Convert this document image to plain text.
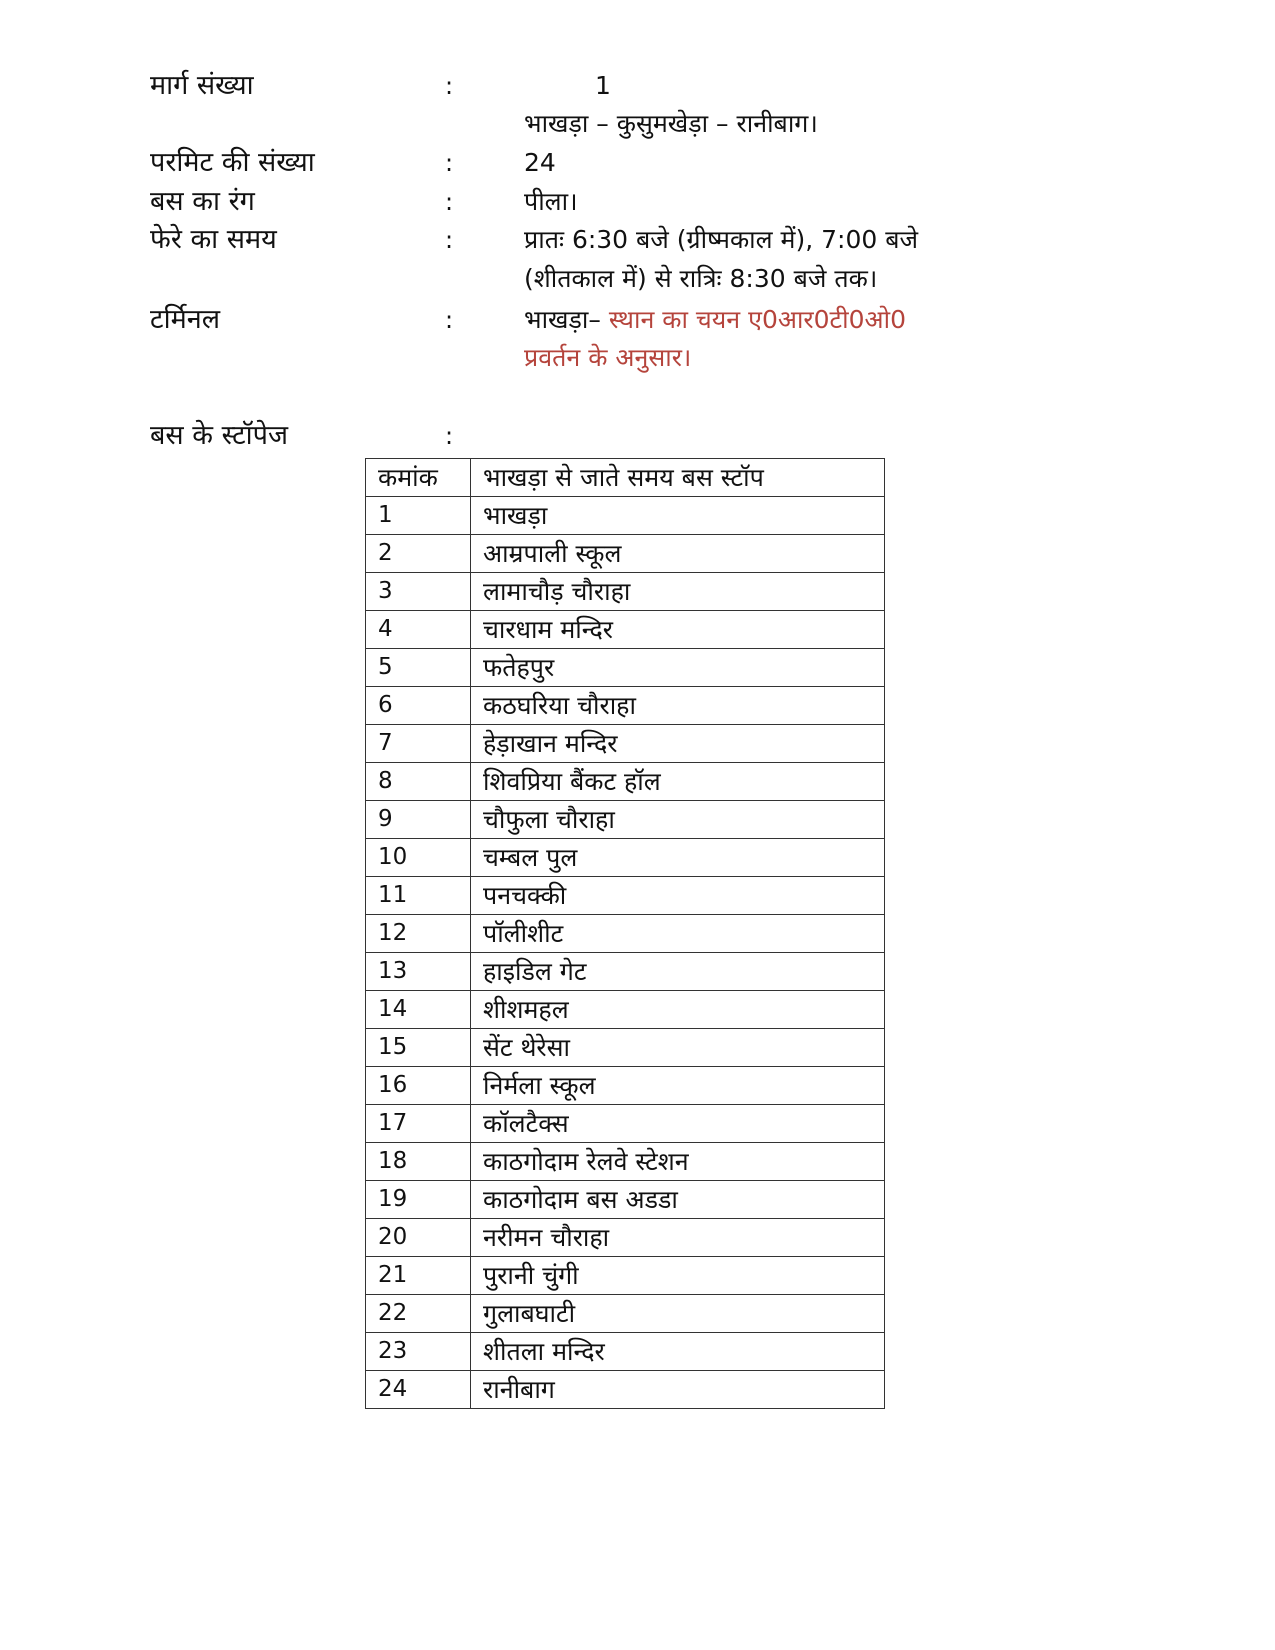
मार्ग संख्या	:	1
भाखड़ा – कुसुमखेड़ा – रानीबाग।
परमिट की संख्या	:	24
बस का रंग	:	पीला।
फेरे का समय	:	प्रातः 6:30 बजे (ग्रीष्मकाल में), 7:00 बजे
(शीतकाल में) से रात्रिः 8:30 बजे तक।
टर्मिनल	:	भाखड़ा– स्थान का चयन ए0आर0टी0ओ0
प्रवर्तन के अनुसार।
बस के स्टॉपेज	:
कमांक	भाखड़ा से जाते समय बस स्टॉप
1	भाखड़ा
2	आम्रपाली स्कूल
3	लामाचौड़ चौराहा
4	चारधाम मन्दिर
5	फतेहपुर
6	कठघरिया चौराहा
7	हेड़ाखान मन्दिर
8	शिवप्रिया बैंकट हॉल
9	चौफुला चौराहा
10	चम्बल पुल
11	पनचक्की
12	पॉलीशीट
13	हाइडिल गेट
14	शीशमहल
15	सेंट थेरेसा
16	निर्मला स्कूल
17	कॉलटैक्स
18	काठगोदाम रेलवे स्टेशन
19	काठगोदाम बस अडडा
20	नरीमन चौराहा
21	पुरानी चुंगी
22	गुलाबघाटी
23	शीतला मन्दिर
24	रानीबाग
